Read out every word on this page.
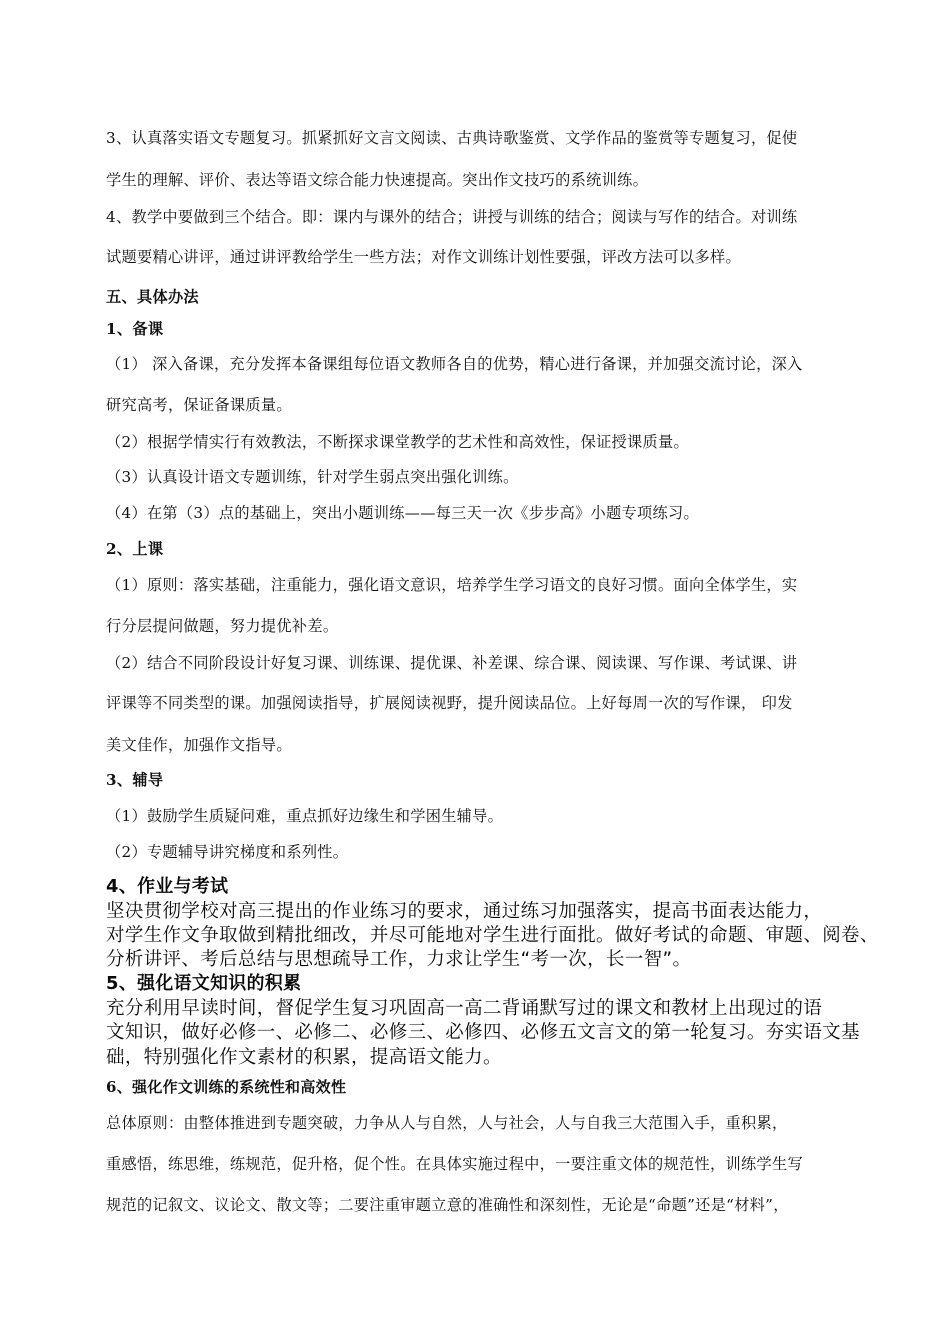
3、认真落实语文专题复习。抓紧抓好文言文阅读、古典诗歌鉴赏、文学作品的鉴赏等专题复习，促使
学生的理解、评价、表达等语文综合能力快速提高。突出作文技巧的系统训练。
4、教学中要做到三个结合。即：课内与课外的结合；讲授与训练的结合；阅读与写作的结合。对训练
试题要精心讲评，通过讲评教给学生一些方法；对作文训练计划性要强，评改方法可以多样。
五、具体办法
1、备课
（1） 深入备课，充分发挥本备课组每位语文教师各自的优势，精心进行备课，并加强交流讨论，深入
研究高考，保证备课质量。
（2）根据学情实行有效教法，不断探求课堂教学的艺术性和高效性，保证授课质量。
（3）认真设计语文专题训练，针对学生弱点突出强化训练。
（4）在第（3）点的基础上，突出小题训练——每三天一次《步步高》小题专项练习。
2、上课
（1）原则：落实基础，注重能力，强化语文意识，培养学生学习语文的良好习惯。面向全体学生，实
行分层提问做题，努力提优补差。
（2）结合不同阶段设计好复习课、训练课、提优课、补差课、综合课、阅读课、写作课、考试课、讲
评课等不同类型的课。加强阅读指导，扩展阅读视野，提升阅读品位。上好每周一次的写作课， 印发
美文佳作，加强作文指导。
3、辅导
（1）鼓励学生质疑问难，重点抓好边缘生和学困生辅导。
（2）专题辅导讲究梯度和系列性。
4、作业与考试
坚决贯彻学校对高三提出的作业练习的要求，通过练习加强落实，提高书面表达能力，
对学生作文争取做到精批细改，并尽可能地对学生进行面批。做好考试的命题、审题、阅卷、
分析讲评、考后总结与思想疏导工作，力求让学生“考一次，长一智”。
5、强化语文知识的积累
充分利用早读时间，督促学生复习巩固高一高二背诵默写过的课文和教材上出现过的语
文知识，做好必修一、必修二、必修三、必修四、必修五文言文的第一轮复习。夯实语文基
础，特别强化作文素材的积累，提高语文能力。
6、强化作文训练的系统性和高效性
总体原则：由整体推进到专题突破，力争从人与自然，人与社会，人与自我三大范围入手，重积累，
重感悟，练思维，练规范，促升格，促个性。在具体实施过程中，一要注重文体的规范性，训练学生写
规范的记叙文、议论文、散文等；二要注重审题立意的准确性和深刻性，无论是“命题”还是“材料”，
